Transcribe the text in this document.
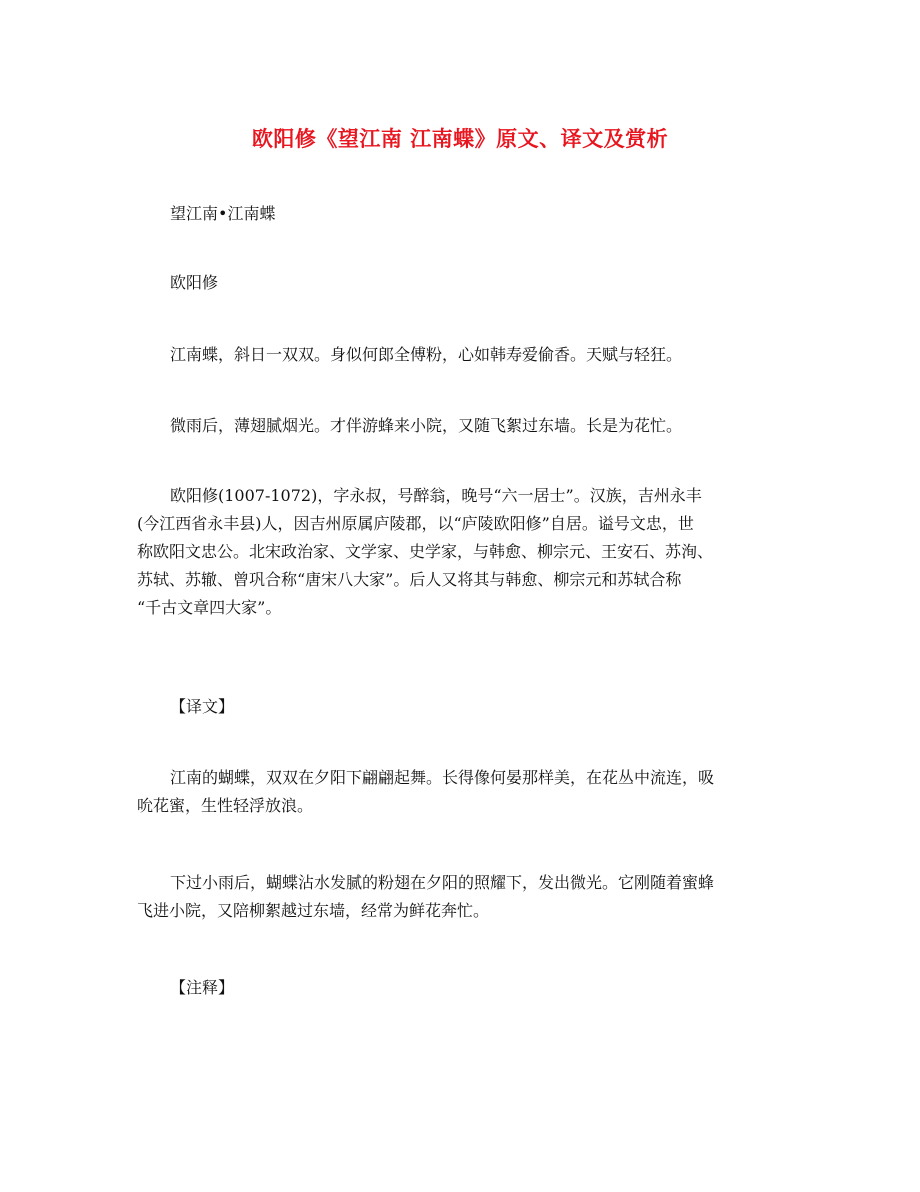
欧阳修《望江南 江南蝶》原文、译文及赏析

望江南•江南蝶

欧阳修

江南蝶，斜日一双双。身似何郎全傅粉，心如韩寿爱偷香。天赋与轻狂。

微雨后，薄翅腻烟光。才伴游蜂来小院，又随飞絮过东墙。长是为花忙。

欧阳修(1007-1072)，字永叔，号醉翁，晚号“六一居士”。汉族，吉州永丰
(今江西省永丰县)人，因吉州原属庐陵郡，以“庐陵欧阳修”自居。谥号文忠，世
称欧阳文忠公。北宋政治家、文学家、史学家，与韩愈、柳宗元、王安石、苏洵、
苏轼、苏辙、曾巩合称“唐宋八大家”。后人又将其与韩愈、柳宗元和苏轼合称
“千古文章四大家”。

【译文】

江南的蝴蝶，双双在夕阳下翩翩起舞。长得像何晏那样美，在花丛中流连，吸
吮花蜜，生性轻浮放浪。
下过小雨后，蝴蝶沾水发腻的粉翅在夕阳的照耀下，发出微光。它刚随着蜜蜂
飞进小院，又陪柳絮越过东墙，经常为鲜花奔忙。

【注释】
